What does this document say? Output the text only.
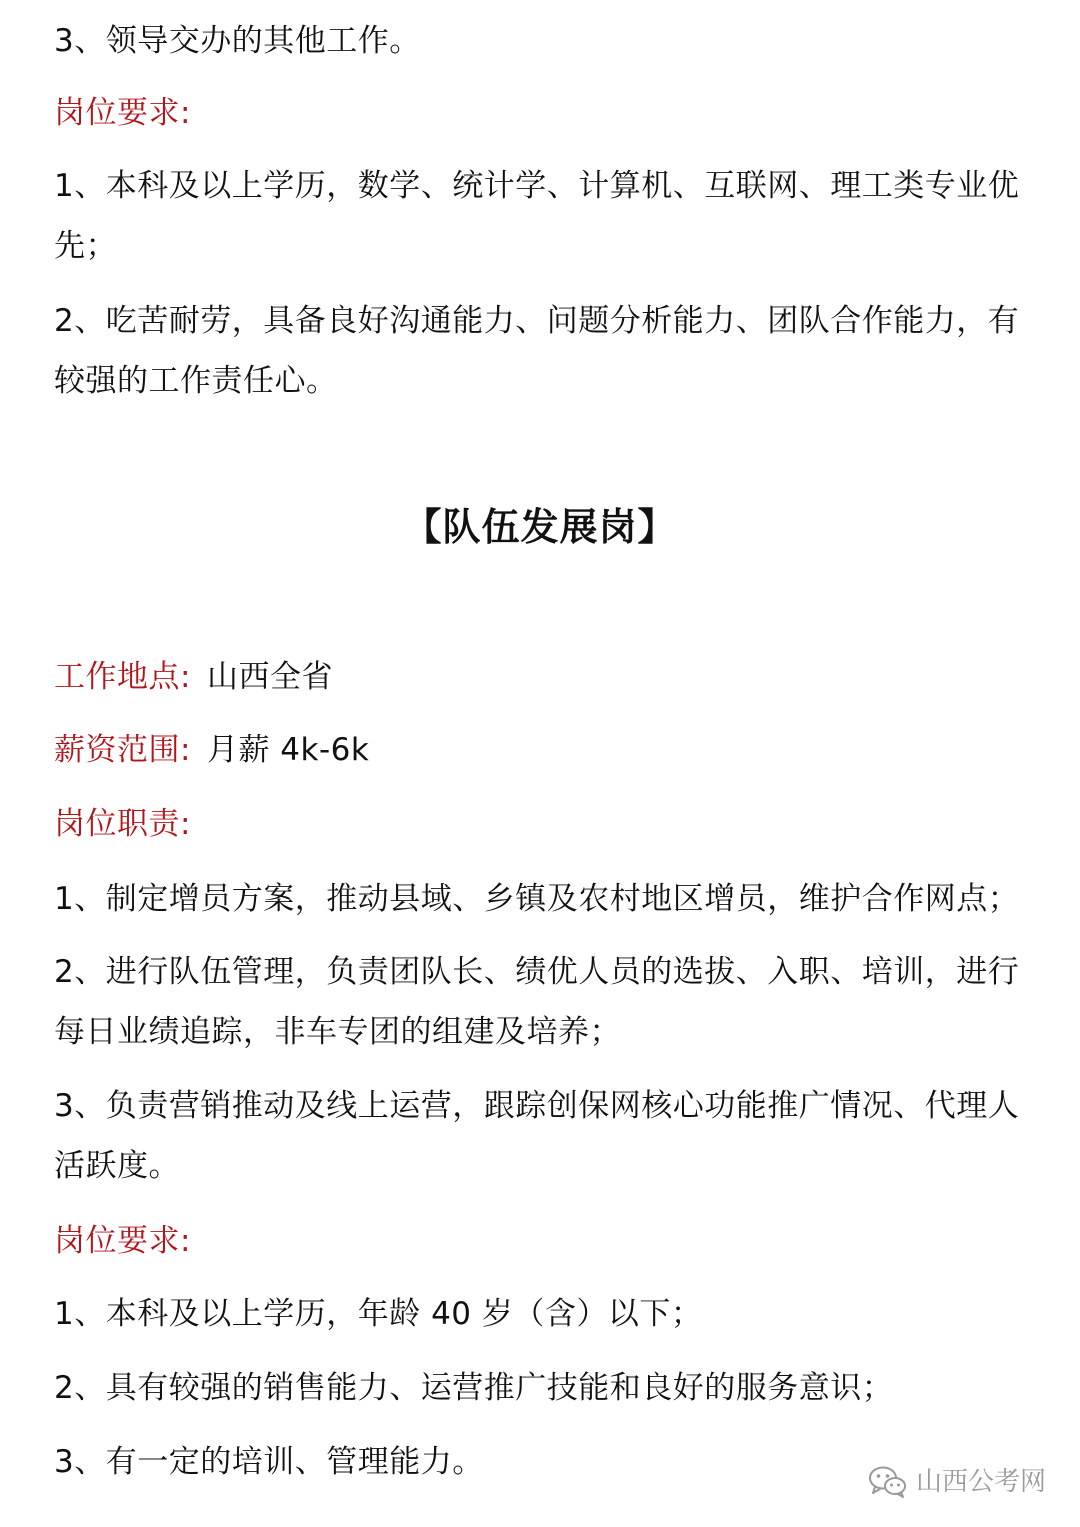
3、领导交办的其他工作。
岗位要求:
1、本科及以上学历，数学、统计学、计算机、互联网、理工类专业优
先；
2、吃苦耐劳，具备良好沟通能力、问题分析能力、团队合作能力，有
较强的工作责任心。
【队伍发展岗】
工作地点: 山西全省
薪资范围: 月薪 4k-6k
岗位职责:
1、制定增员方案，推动县域、乡镇及农村地区增员，维护合作网点；
2、进行队伍管理，负责团队长、绩优人员的选拔、入职、培训，进行
每日业绩追踪，非车专团的组建及培养；
3、负责营销推动及线上运营，跟踪创保网核心功能推广情况、代理人
活跃度。
岗位要求:
1、本科及以上学历，年龄 40 岁（含）以下；
2、具有较强的销售能力、运营推广技能和良好的服务意识；
3、有一定的培训、管理能力。
山西公考网
